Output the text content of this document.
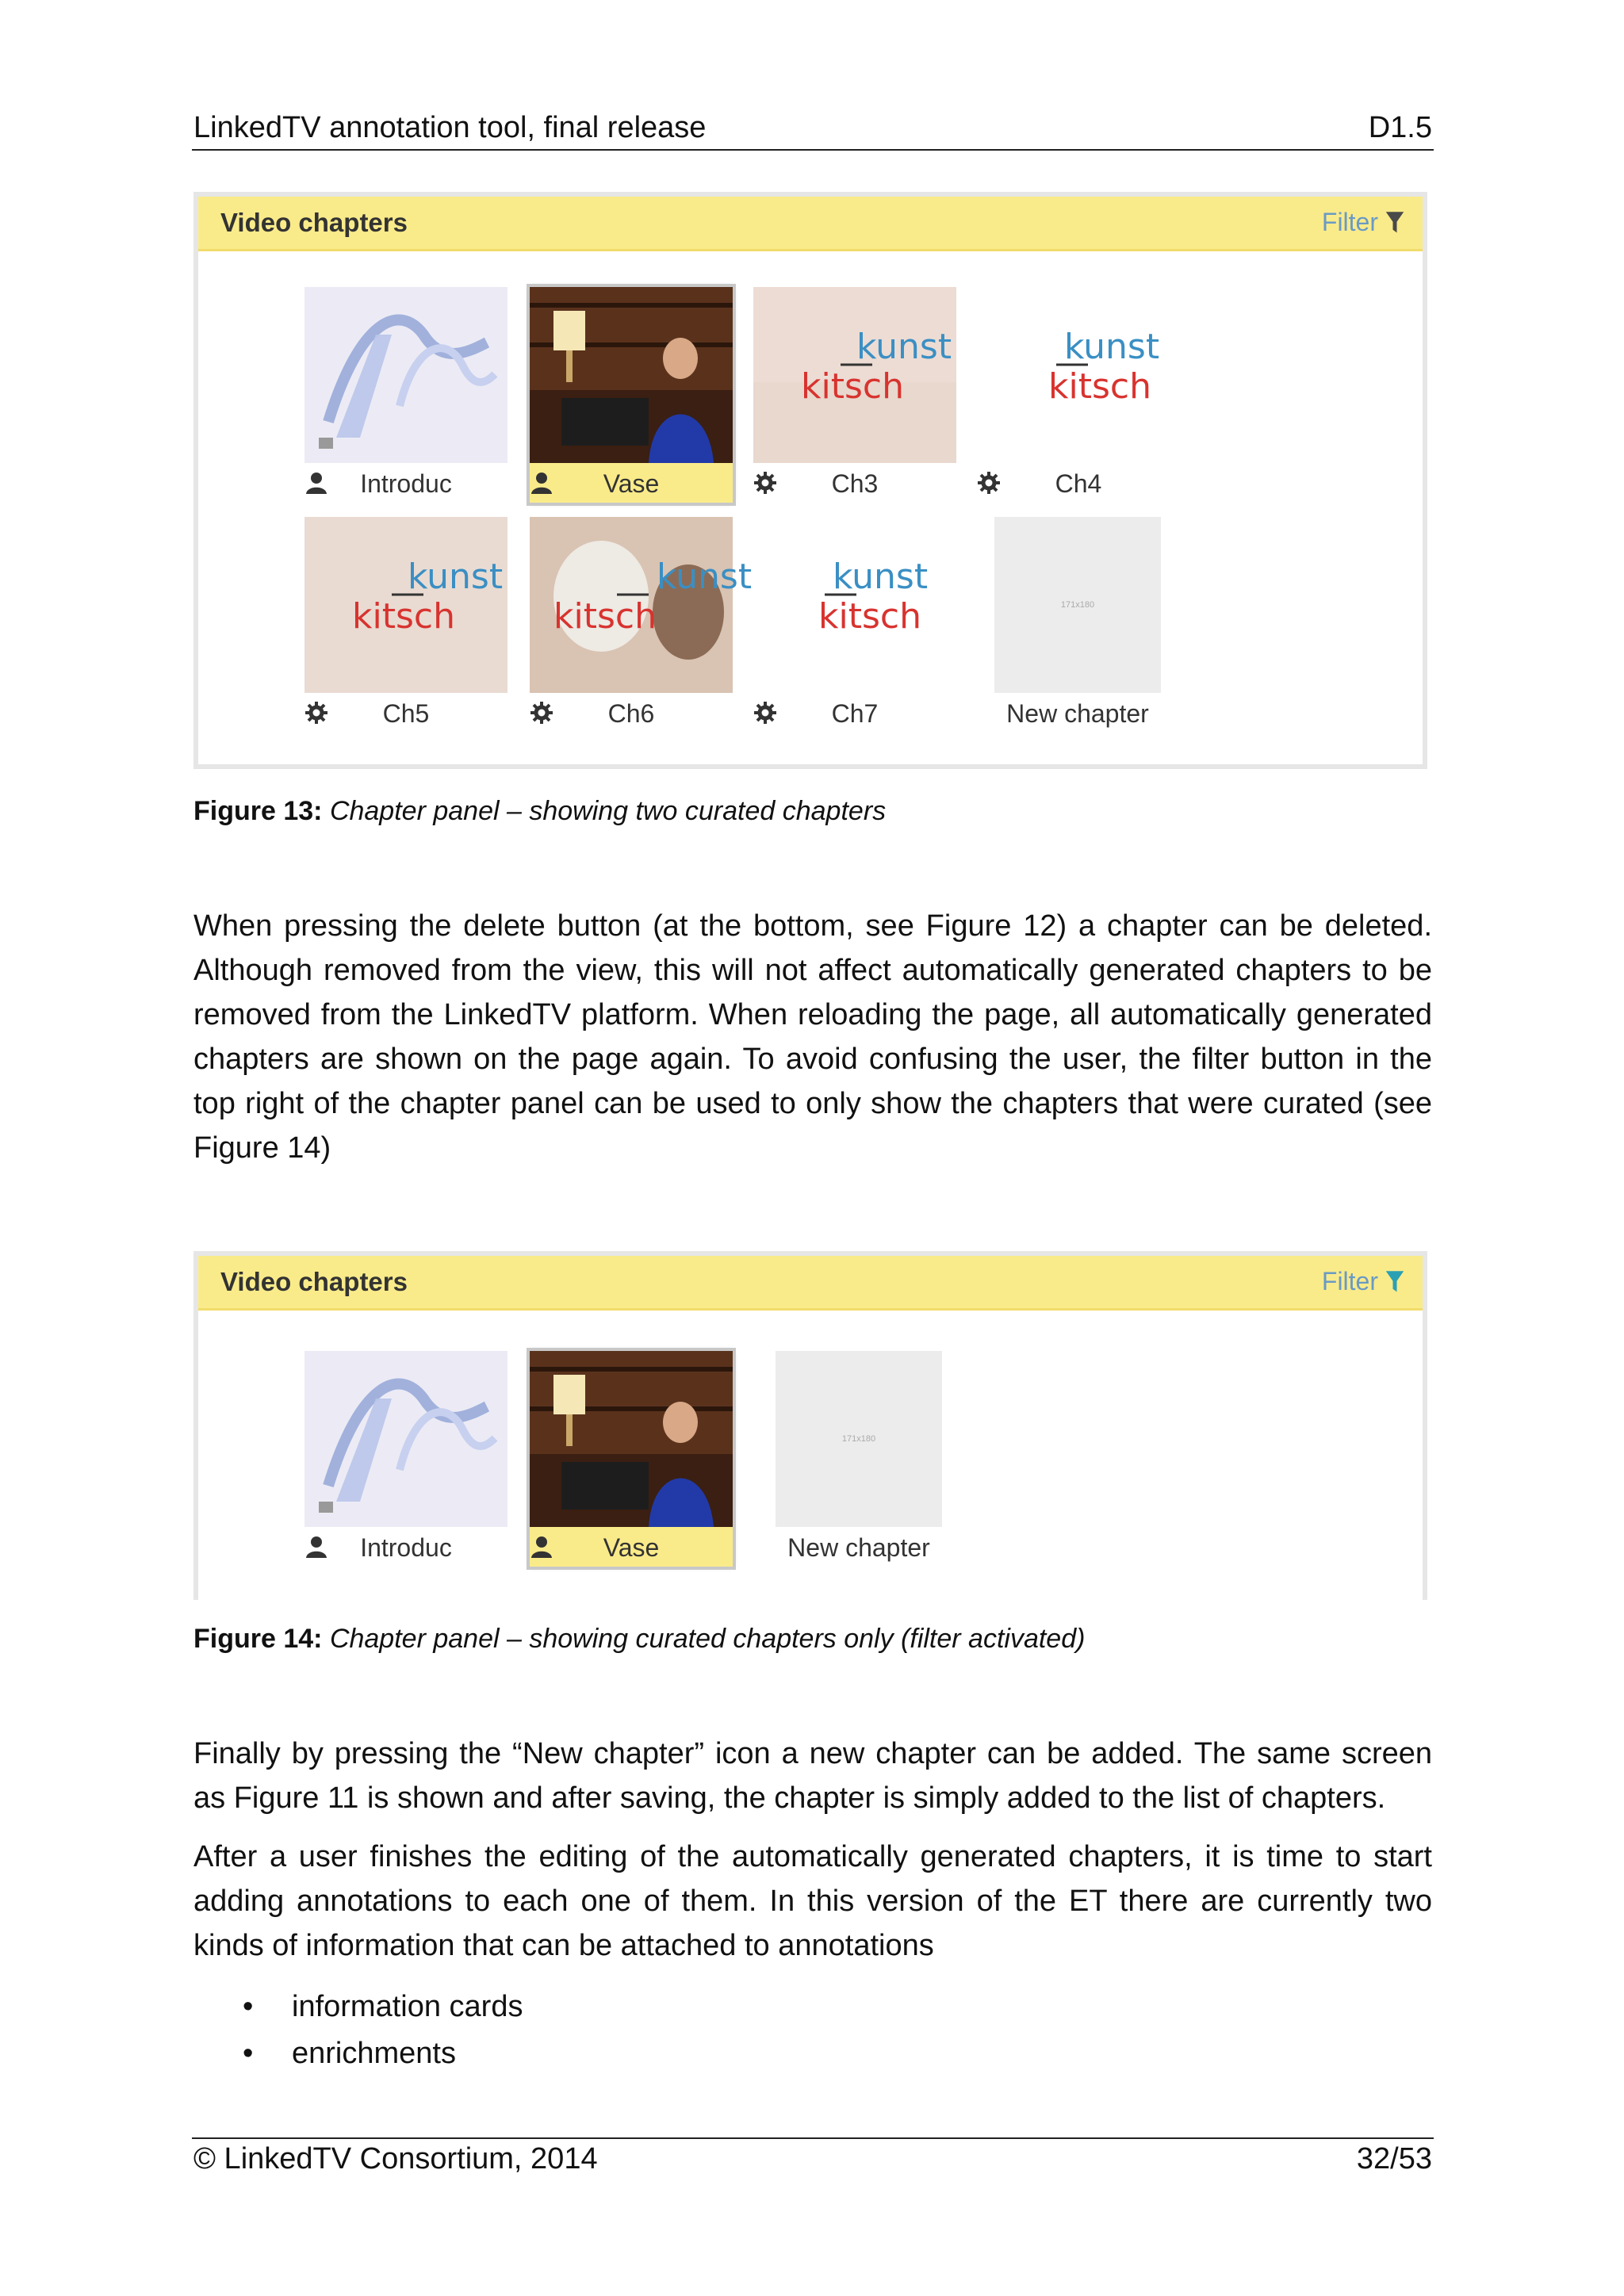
LinkedTV annotation tool, final release	D1.5
Video chapters	Filter
Introduc	Vase
kunst
kitsch
Ch3
kunst
kitsch
Ch4
kunst
kitsch
Ch5
kunst
kitsch
Ch6
kunst
kitsch
Ch7
171x180
New chapter
Figure 13: Chapter panel – showing two curated chapters
When pressing the delete button (at the bottom, see Figure 12) a chapter can be deleted. Although removed from the view, this will not affect automatically generated chapters to be removed from the LinkedTV platform. When reloading the page, all automatically generated chapters are shown on the page again. To avoid confusing the user, the filter button in the top right of the chapter panel can be used to only show the chapters that were curated (see Figure 14)
Video chapters	Filter
Introduc	Vase
171x180
New chapter
Figure 14: Chapter panel – showing curated chapters only (filter activated)
Finally by pressing the “New chapter” icon a new chapter can be added. The same screen as Figure 11 is shown and after saving, the chapter is simply added to the list of chapters.
After a user finishes the editing of the automatically generated chapters, it is time to start adding annotations to each one of them. In this version of the ET there are currently two kinds of information that can be attached to annotations
• information cards
• enrichments
© LinkedTV Consortium, 2014	32/53
